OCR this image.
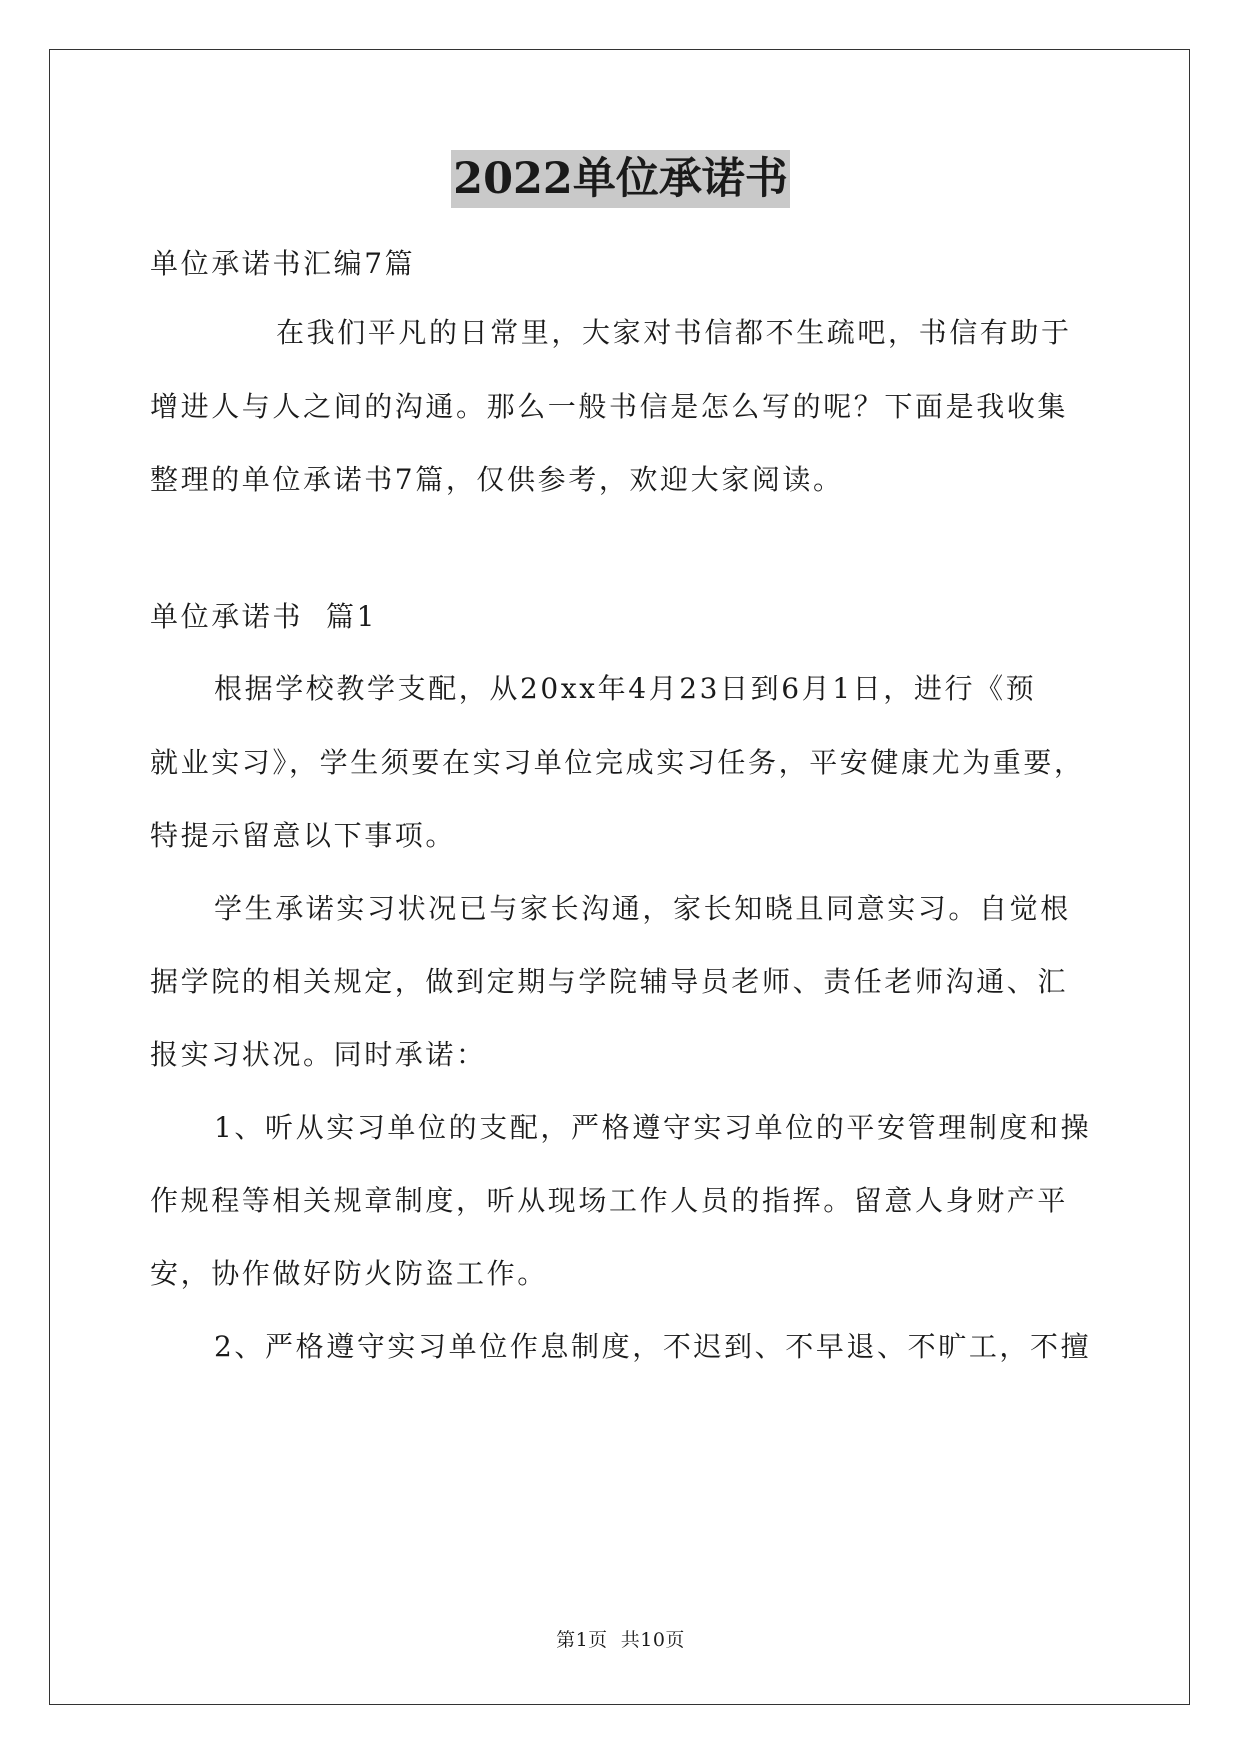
2022单位承诺书
单位承诺书汇编7篇
在我们平凡的日常里，大家对书信都不生疏吧，书信有助于
增进人与人之间的沟通。那么一般书信是怎么写的呢？下面是我收集
整理的单位承诺书7篇，仅供参考，欢迎大家阅读。
单位承诺书  篇1
根据学校教学支配，从20xx年4月23日到6月1日，进行《预
就业实习》，学生须要在实习单位完成实习任务，平安健康尤为重要，
特提示留意以下事项。
学生承诺实习状况已与家长沟通，家长知晓且同意实习。自觉根
据学院的相关规定，做到定期与学院辅导员老师、责任老师沟通、汇
报实习状况。同时承诺：
1、听从实习单位的支配，严格遵守实习单位的平安管理制度和操
作规程等相关规章制度，听从现场工作人员的指挥。留意人身财产平
安，协作做好防火防盗工作。
2、严格遵守实习单位作息制度，不迟到、不早退、不旷工，不擅
第1页  共10页
